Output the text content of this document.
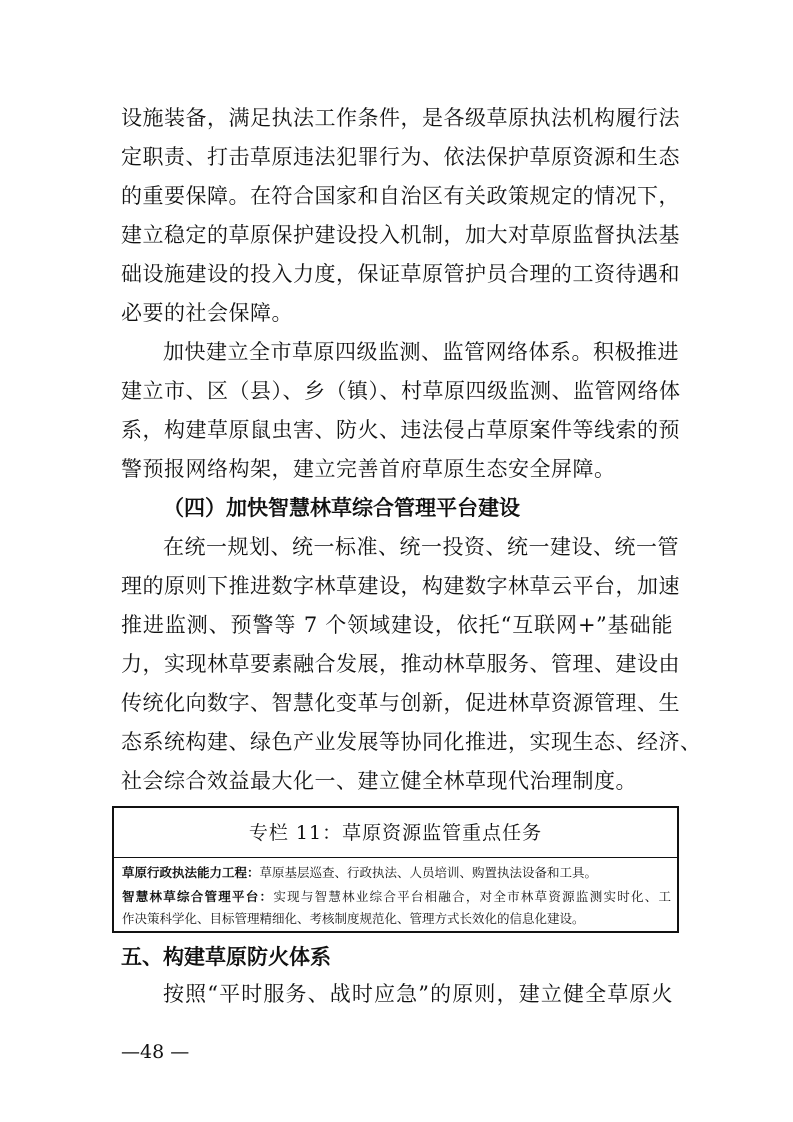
设施装备，满足执法工作条件，是各级草原执法机构履行法
定职责、打击草原违法犯罪行为、依法保护草原资源和生态
的重要保障。在符合国家和自治区有关政策规定的情况下，
建立稳定的草原保护建设投入机制，加大对草原监督执法基
础设施建设的投入力度，保证草原管护员合理的工资待遇和
必要的社会保障。
加快建立全市草原四级监测、监管网络体系。积极推进
建立市、区（县）、乡（镇）、村草原四级监测、监管网络体
系，构建草原鼠虫害、防火、违法侵占草原案件等线索的预
警预报网络构架，建立完善首府草原生态安全屏障。
（四）加快智慧林草综合管理平台建设
在统一规划、统一标准、统一投资、统一建设、统一管
理的原则下推进数字林草建设，构建数字林草云平台，加速
推进监测、预警等 7 个领域建设，依托“互联网+”基础能
力，实现林草要素融合发展，推动林草服务、管理、建设由
传统化向数字、智慧化变革与创新，促进林草资源管理、生
态系统构建、绿色产业发展等协同化推进，实现生态、经济、
社会综合效益最大化一、建立健全林草现代治理制度。
专栏 11：草原资源监管重点任务
草原行政执法能力工程：草原基层巡查、行政执法、人员培训、购置执法设备和工具。
智慧林草综合管理平台：实现与智慧林业综合平台相融合，对全市林草资源监测实时化、工
作决策科学化、目标管理精细化、考核制度规范化、管理方式长效化的信息化建设。
五、构建草原防火体系
按照“平时服务、战时应急”的原则，建立健全草原火
—48 —
